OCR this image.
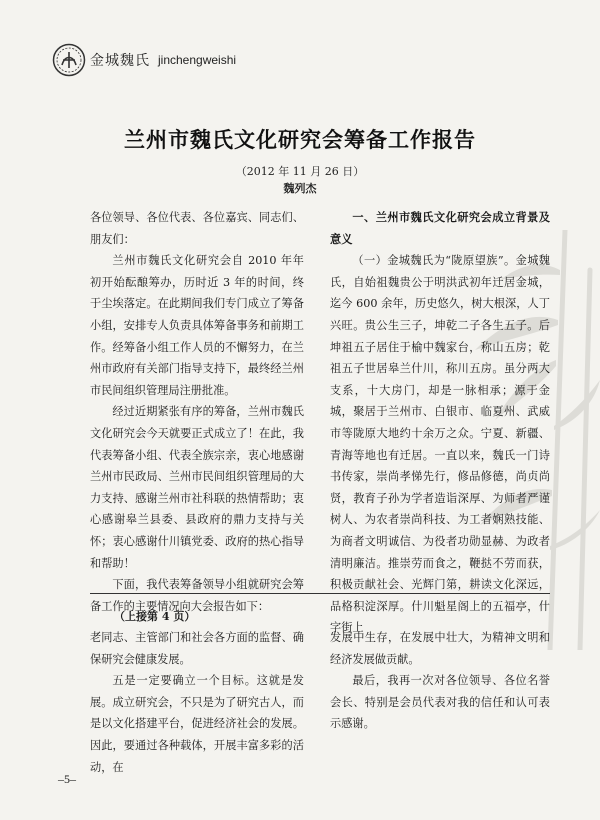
金城魏氏 jinchengweishi
兰州市魏氏文化研究会筹备工作报告
（2012 年 11 月 26 日）
魏列杰

各位领导、各位代表、各位嘉宾、同志们、朋友们：

兰州市魏氏文化研究会自 2010 年年初开始酝酿筹办，历时近 3 年的时间，终于尘埃落定。在此期间我们专门成立了筹备小组，安排专人负责具体筹备事务和前期工作。经筹备小组工作人员的不懈努力，在兰州市政府有关部门指导支持下，最终经兰州市民间组织管理局注册批准。

经过近期紧张有序的筹备，兰州市魏氏文化研究会今天就要正式成立了！在此，我代表筹备小组、代表全族宗亲，衷心地感谢兰州市民政局、兰州市民间组织管理局的大力支持、感谢兰州市社科联的热情帮助；衷心感谢皋兰县委、县政府的鼎力支持与关怀；衷心感谢什川镇党委、政府的热心指导和帮助！

下面，我代表筹备领导小组就研究会筹备工作的主要情况向大会报告如下：

一、兰州市魏氏文化研究会成立背景及意义

（一）金城魏氏为“陇原望族”。金城魏氏，自始祖魏贵公于明洪武初年迁居金城，迄今 600 余年，历史悠久，树大根深，人丁兴旺。贵公生三子，坤乾二子各生五子。后坤祖五子居住于榆中魏家台，称山五房；乾祖五子世居皋兰什川，称川五房。虽分两大支系，十大房门，却是一脉相承；源于金城，聚居于兰州市、白银市、临夏州、武威市等陇原大地约十余万之众。宁夏、新疆、青海等地也有迁居。一直以来，魏氏一门诗书传家，崇尚孝悌先行，修品修德，尚贞尚贤，教育子孙为学者造诣深厚、为师者严谨树人、为农者崇尚科技、为工者娴熟技能、为商者文明诚信、为役者功勋显赫、为政者清明廉洁。推崇劳而食之，鞭挞不劳而获，积极贡献社会、光辉门第，耕读文化深远，品格积淀深厚。什川魁星阁上的五福亭，什字街上

（上接第 4 页）

老同志、主管部门和社会各方面的监督、确保研究会健康发展。

五是一定要确立一个目标。这就是发展。成立研究会，不只是为了研究古人，而是以文化搭建平台，促进经济社会的发展。因此，要通过各种载体，开展丰富多彩的活动，在

发展中生存，在发展中壮大，为精神文明和经济发展做贡献。

最后，我再一次对各位领导、各位名誉会长、特别是会员代表对我的信任和认可表示感谢。

–5–
